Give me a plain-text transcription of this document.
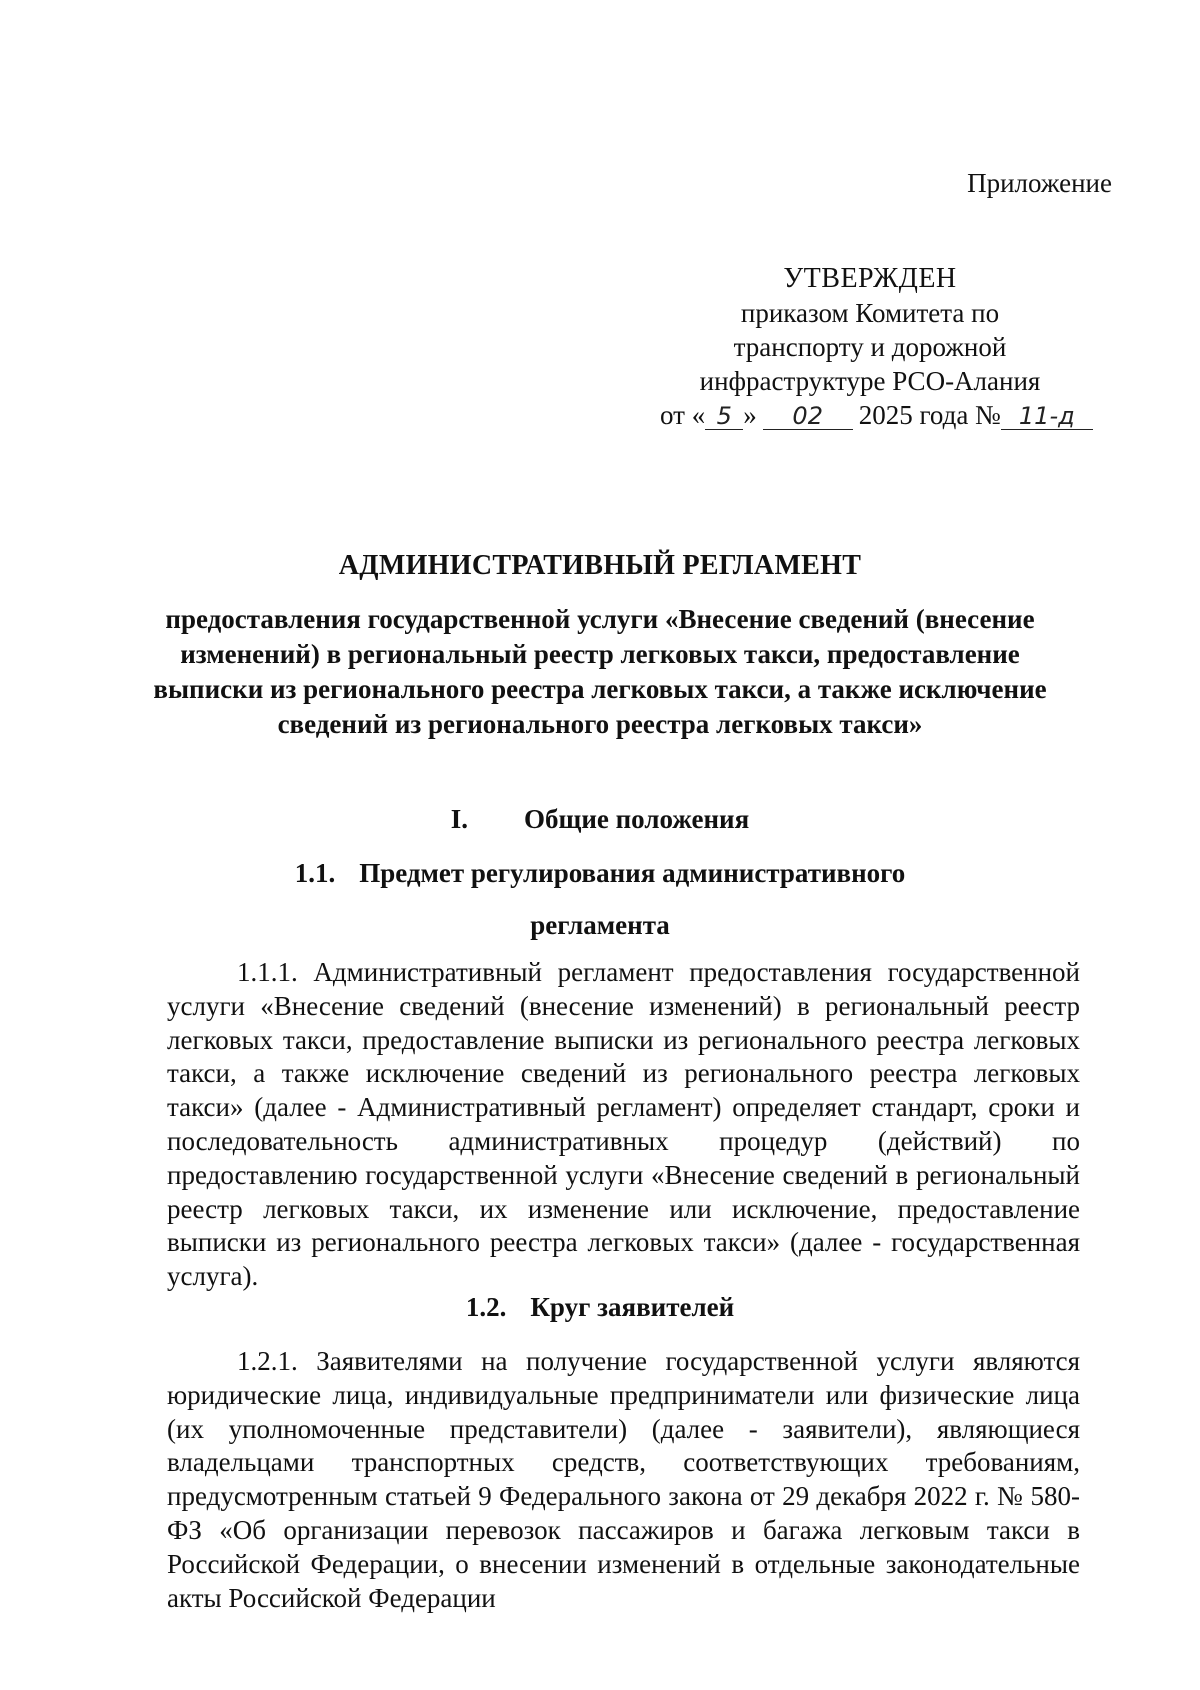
Приложение
УТВЕРЖДЕН
приказом Комитета по
транспорту и дорожной
инфраструктуре РСО-Алания
от « 5 » 02 2025 года № 11-д
АДМИНИСТРАТИВНЫЙ РЕГЛАМЕНТ
предоставления государственной услуги «Внесение сведений (внесение изменений) в региональный реестр легковых такси, предоставление выписки из регионального реестра легковых такси, а также исключение сведений из регионального реестра легковых такси»
I. Общие положения
1.1. Предмет регулирования административного
регламента
1.1.1. Административный регламент предоставления государственной услуги «Внесение сведений (внесение изменений) в региональный реестр легковых такси, предоставление выписки из регионального реестра легковых такси, а также исключение сведений из регионального реестра легковых такси» (далее - Административный регламент) определяет стандарт, сроки и последовательность административных процедур (действий) по предоставлению государственной услуги «Внесение сведений в региональный реестр легковых такси, их изменение или исключение, предоставление выписки из регионального реестра легковых такси» (далее - государственная услуга).
1.2. Круг заявителей
1.2.1. Заявителями на получение государственной услуги являются юридические лица, индивидуальные предприниматели или физические лица (их уполномоченные представители) (далее - заявители), являющиеся владельцами транспортных средств, соответствующих требованиям, предусмотренным статьей 9 Федерального закона от 29 декабря 2022 г. № 580-ФЗ «Об организации перевозок пассажиров и багажа легковым такси в Российской Федерации, о внесении изменений в отдельные законодательные акты Российской Федерации
